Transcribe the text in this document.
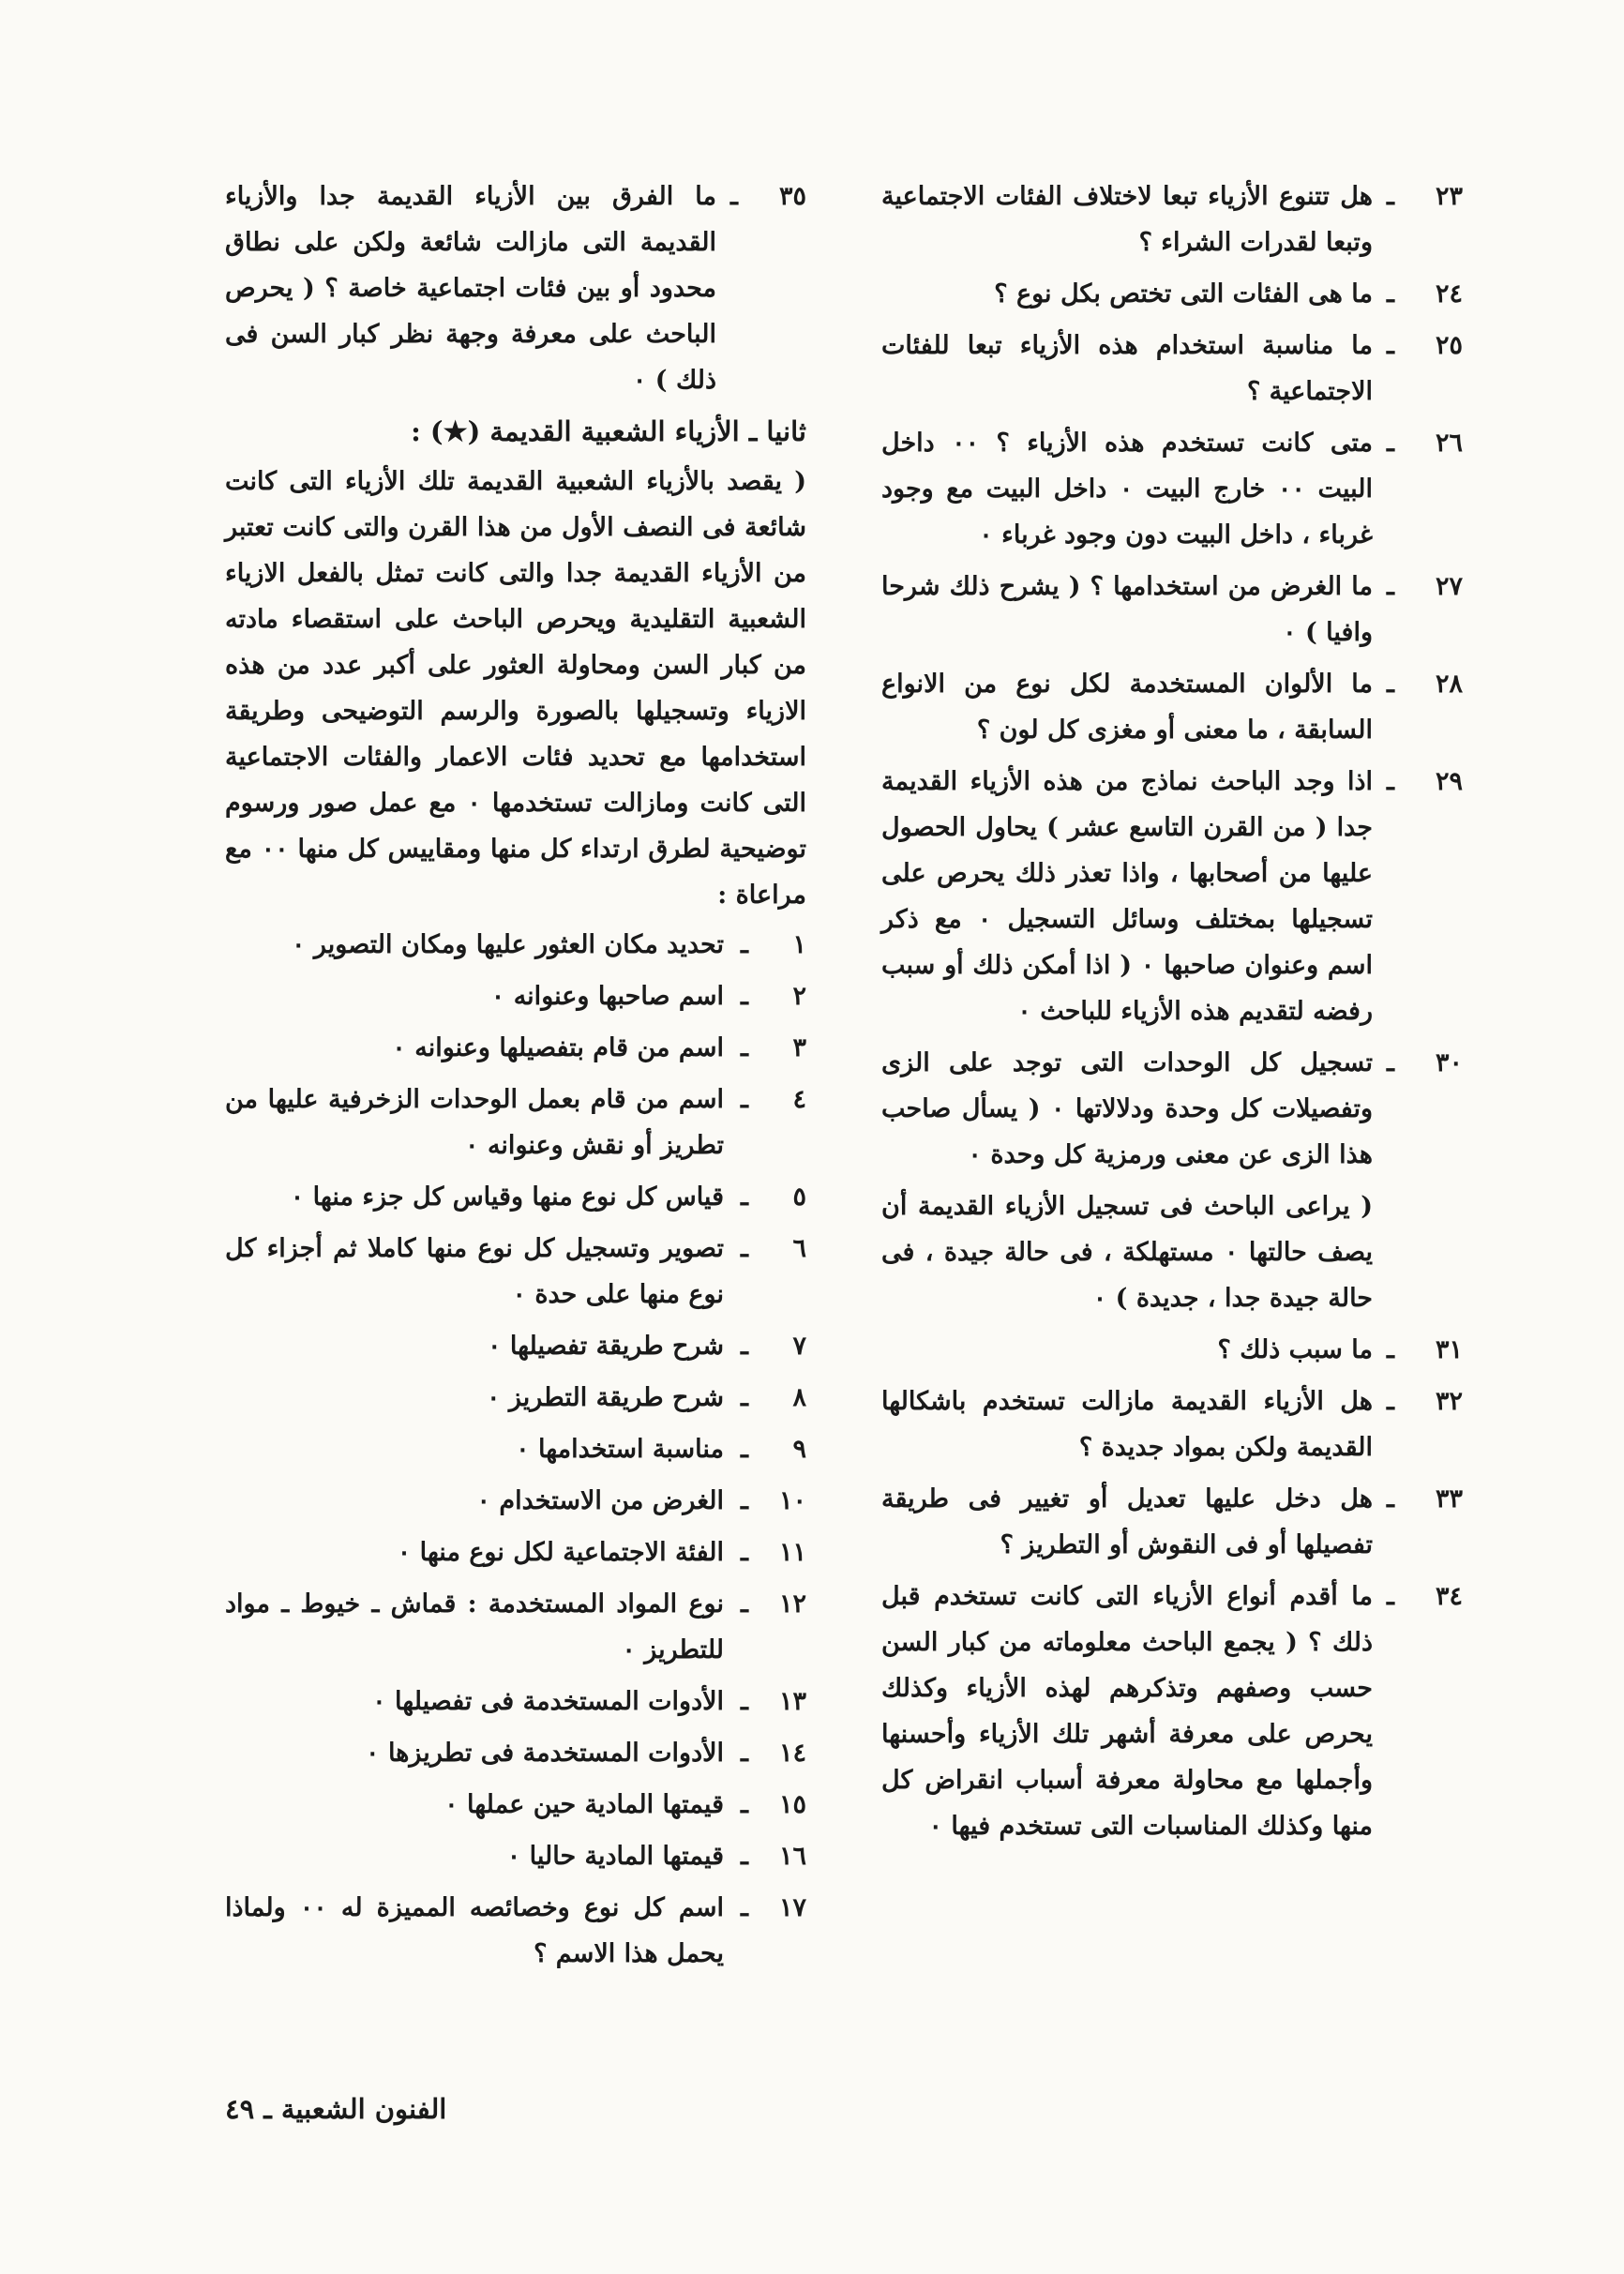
٢٣
ـ
هل تتنوع الأزياء تبعا لاختلاف الفئات الاجتماعية وتبعا لقدرات الشراء ؟
٢٤
ـ
ما هى الفئات التى تختص بكل نوع ؟
٢٥
ـ
ما مناسبة استخدام هذه الأزياء تبعا للفئات الاجتماعية ؟
٢٦
ـ
متى كانت تستخدم هذه الأزياء ؟ ٠٠ داخل البيت ٠٠ خارج البيت ٠ داخل البيت مع وجود غرباء ، داخل البيت دون وجود غرباء ٠
٢٧
ـ
ما الغرض من استخدامها ؟ ( يشرح ذلك شرحا وافيا ) ٠
٢٨
ـ
ما الألوان المستخدمة لكل نوع من الانواع السابقة ، ما معنى أو مغزى كل لون ؟
٢٩
ـ
اذا وجد الباحث نماذج من هذه الأزياء القديمة جدا ( من القرن التاسع عشر ) يحاول الحصول عليها من أصحابها ، واذا تعذر ذلك يحرص على تسجيلها بمختلف وسائل التسجيل ٠ مع ذكر اسم وعنوان صاحبها ٠ ( اذا أمكن ذلك أو سبب رفضه لتقديم هذه الأزياء للباحث ٠
٣٠
ـ
تسجيل كل الوحدات التى توجد على الزى وتفصيلات كل وحدة ودلالاتها ٠ ( يسأل صاحب هذا الزى عن معنى ورمزية كل وحدة ٠
( يراعى الباحث فى تسجيل الأزياء القديمة أن يصف حالتها ٠ مستهلكة ، فى حالة جيدة ، فى حالة جيدة جدا ، جديدة ) ٠
٣١
ـ
ما سبب ذلك ؟
٣٢
ـ
هل الأزياء القديمة مازالت تستخدم باشكالها القديمة ولكن بمواد جديدة ؟
٣٣
ـ
هل دخل عليها تعديل أو تغيير فى طريقة تفصيلها أو فى النقوش أو التطريز ؟
٣٤
ـ
ما أقدم أنواع الأزياء التى كانت تستخدم قبل ذلك ؟ ( يجمع الباحث معلوماته من كبار السن حسب وصفهم وتذكرهم لهذه الأزياء وكذلك يحرص على معرفة أشهر تلك الأزياء وأحسنها وأجملها مع محاولة معرفة أسباب انقراض كل منها وكذلك المناسبات التى تستخدم فيها ٠
٣٥
ـ
ما الفرق بين الأزياء القديمة جدا والأزياء القديمة التى مازالت شائعة ولكن على نطاق محدود أو بين فئات اجتماعية خاصة ؟ ( يحرص الباحث على معرفة وجهة نظر كبار السن فى ذلك ) ٠
ثانيا ـ الأزياء الشعبية القديمة (★) :
( يقصد بالأزياء الشعبية القديمة تلك الأزياء التى كانت شائعة فى النصف الأول من هذا القرن والتى كانت تعتبر من الأزياء القديمة جدا والتى كانت تمثل بالفعل الازياء الشعبية التقليدية ويحرص الباحث على استقصاء مادته من كبار السن ومحاولة العثور على أكبر عدد من هذه الازياء وتسجيلها بالصورة والرسم التوضيحى وطريقة استخدامها مع تحديد فئات الاعمار والفئات الاجتماعية التى كانت ومازالت تستخدمها ٠ مع عمل صور ورسوم توضيحية لطرق ارتداء كل منها ومقاييس كل منها ٠٠ مع مراعاة :
١
ـ
تحديد مكان العثور عليها ومكان التصوير ٠
٢
ـ
اسم صاحبها وعنوانه ٠
٣
ـ
اسم من قام بتفصيلها وعنوانه ٠
٤
ـ
اسم من قام بعمل الوحدات الزخرفية عليها من تطريز أو نقش وعنوانه ٠
٥
ـ
قياس كل نوع منها وقياس كل جزء منها ٠
٦
ـ
تصوير وتسجيل كل نوع منها كاملا ثم أجزاء كل نوع منها على حدة ٠
٧
ـ
شرح طريقة تفصيلها ٠
٨
ـ
شرح طريقة التطريز ٠
٩
ـ
مناسبة استخدامها ٠
١٠
ـ
الغرض من الاستخدام ٠
١١
ـ
الفئة الاجتماعية لكل نوع منها ٠
١٢
ـ
نوع المواد المستخدمة : قماش ـ خيوط ـ مواد للتطريز ٠
١٣
ـ
الأدوات المستخدمة فى تفصيلها ٠
١٤
ـ
الأدوات المستخدمة فى تطريزها ٠
١٥
ـ
قيمتها المادية حين عملها ٠
١٦
ـ
قيمتها المادية حاليا ٠
١٧
ـ
اسم كل نوع وخصائصه المميزة له ٠٠ ولماذا يحمل هذا الاسم ؟
الفنون الشعبية ـ ٤٩
